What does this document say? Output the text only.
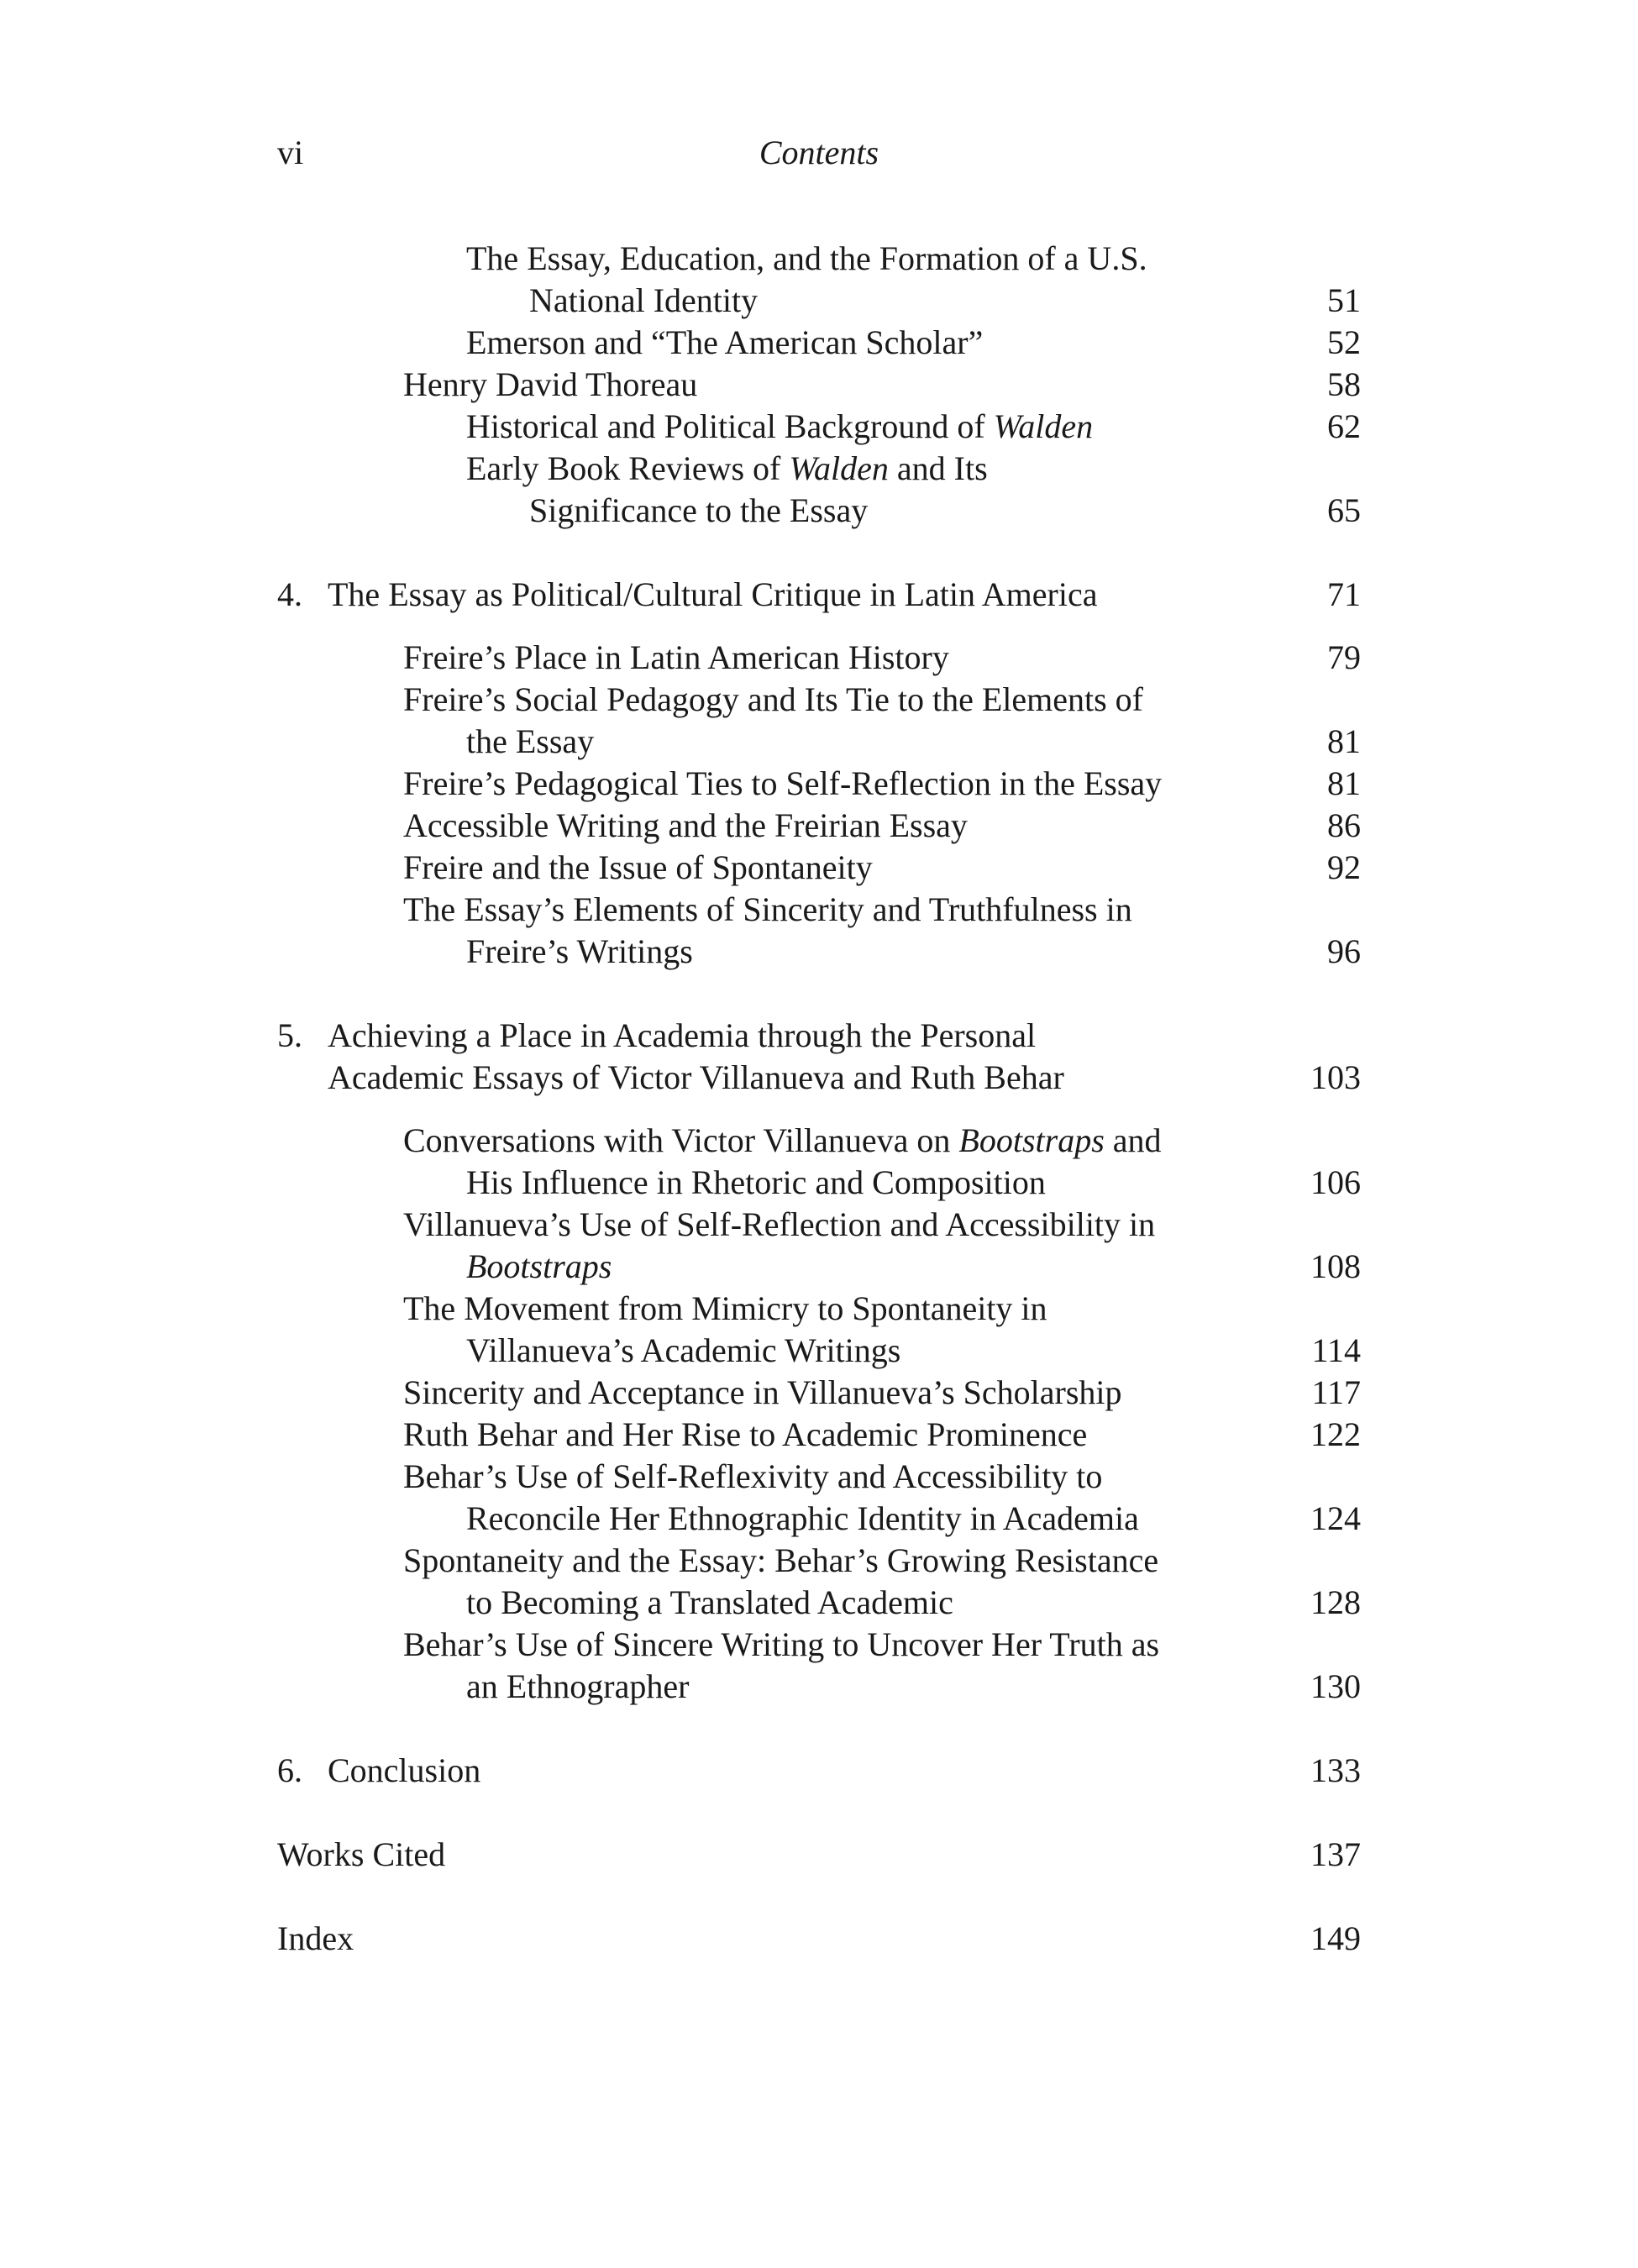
vi	Contents
The Essay, Education, and the Formation of a U.S.
National Identity	51
Emerson and “The American Scholar”	52
Henry David Thoreau	58
Historical and Political Background of Walden	62
Early Book Reviews of Walden and Its
Significance to the Essay	65
4. The Essay as Political/Cultural Critique in Latin America	71
Freire’s Place in Latin American History	79
Freire’s Social Pedagogy and Its Tie to the Elements of
the Essay	81
Freire’s Pedagogical Ties to Self-Reflection in the Essay	81
Accessible Writing and the Freirian Essay	86
Freire and the Issue of Spontaneity	92
The Essay’s Elements of Sincerity and Truthfulness in
Freire’s Writings	96
5. Achieving a Place in Academia through the Personal
Academic Essays of Victor Villanueva and Ruth Behar	103
Conversations with Victor Villanueva on Bootstraps and
His Influence in Rhetoric and Composition	106
Villanueva’s Use of Self-Reflection and Accessibility in
Bootstraps	108
The Movement from Mimicry to Spontaneity in
Villanueva’s Academic Writings	114
Sincerity and Acceptance in Villanueva’s Scholarship	117
Ruth Behar and Her Rise to Academic Prominence	122
Behar’s Use of Self-Reflexivity and Accessibility to
Reconcile Her Ethnographic Identity in Academia	124
Spontaneity and the Essay: Behar’s Growing Resistance
to Becoming a Translated Academic	128
Behar’s Use of Sincere Writing to Uncover Her Truth as
an Ethnographer	130
6. Conclusion	133
Works Cited	137
Index	149
